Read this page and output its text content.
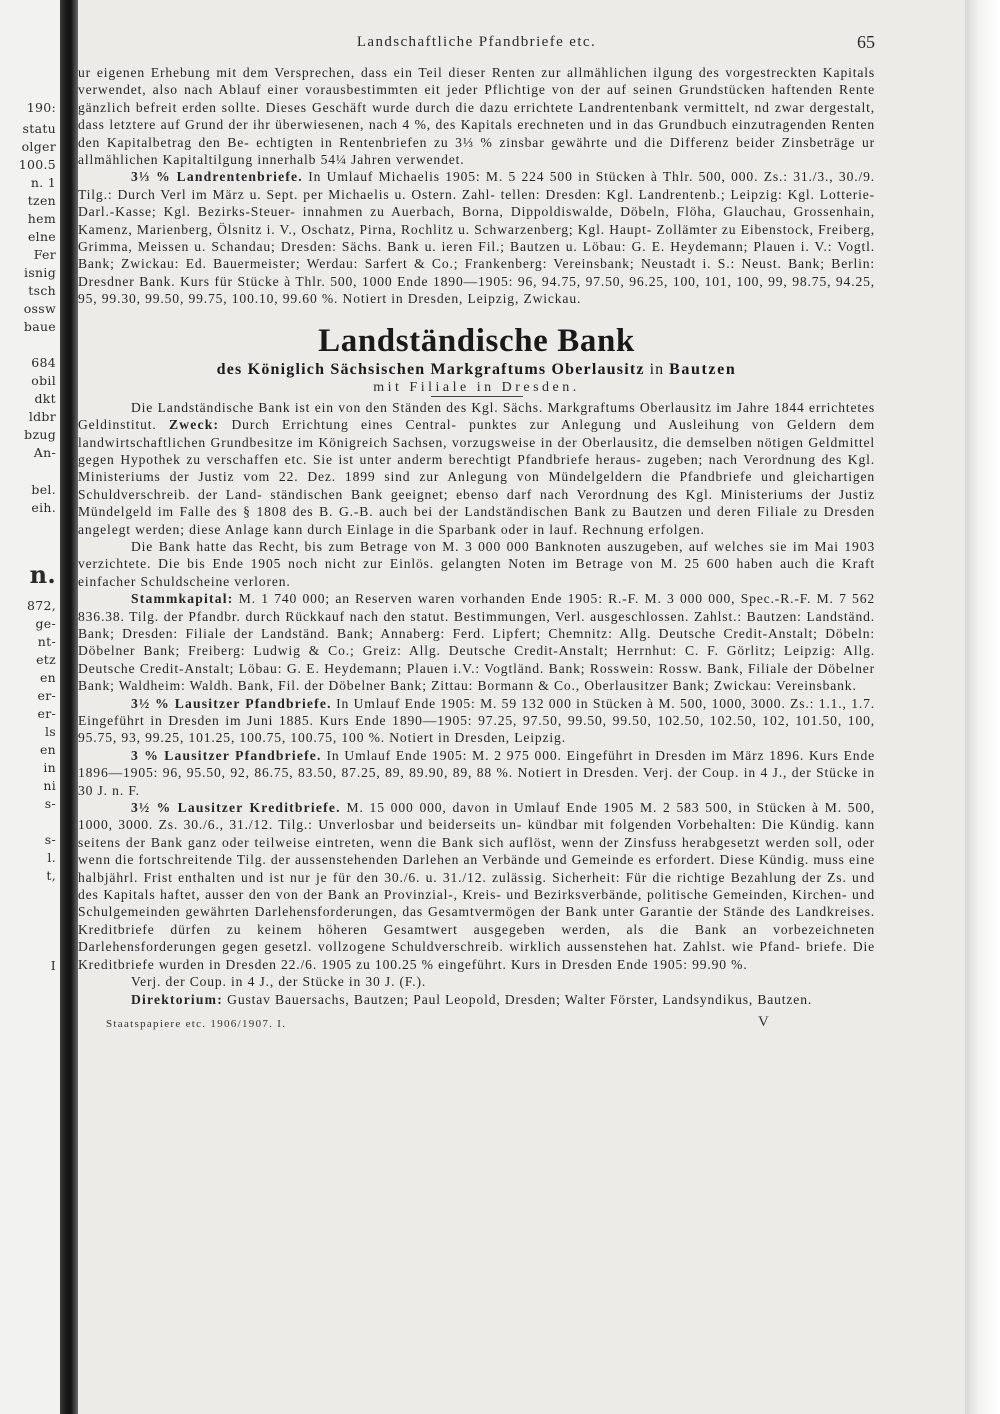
190:
statu
olger
100.5
n. 1
tzen
hem
elne
Fer
isnig
tsch
ossw
baue
684
obil
dkt
ldbr
bzug
An-
bel.
eih.
n.
872,
ge-
nt-
etz
en
er-
er-
ls
en
in
ni
s-
s-
l.
t,
I
Landschaftliche Pfandbriefe etc.	65

ur eigenen Erhebung mit dem Versprechen, dass ein Teil dieser Renten zur allmählichen ilgung des vorgestreckten Kapitals verwendet, also nach Ablauf einer vorausbestimmten eit jeder Pflichtige von der auf seinen Grundstücken haftenden Rente gänzlich befreit erden sollte. Dieses Geschäft wurde durch die dazu errichtete Landrentenbank vermittelt, nd zwar dergestalt, dass letztere auf Grund der ihr überwiesenen, nach 4 %, des Kapitals erechneten und in das Grundbuch einzutragenden Renten den Kapitalbetrag den Be- echtigten in Rentenbriefen zu 3⅓ % zinsbar gewährte und die Differenz beider Zinsbeträge ur allmählichen Kapitaltilgung innerhalb 54¼ Jahren verwendet.

3⅓ % Landrentenbriefe. In Umlauf Michaelis 1905: M. 5 224 500 in Stücken à Thlr. 500, 000. Zs.: 31./3., 30./9. Tilg.: Durch Verl im März u. Sept. per Michaelis u. Ostern. Zahl- tellen: Dresden: Kgl. Landrentenb.; Leipzig: Kgl. Lotterie-Darl.-Kasse; Kgl. Bezirks-Steuer- innahmen zu Auerbach, Borna, Dippoldiswalde, Döbeln, Flöha, Glauchau, Grossenhain, Kamenz, Marienberg, Ölsnitz i. V., Oschatz, Pirna, Rochlitz u. Schwarzenberg; Kgl. Haupt- Zollämter zu Eibenstock, Freiberg, Grimma, Meissen u. Schandau; Dresden: Sächs. Bank u. ieren Fil.; Bautzen u. Löbau: G. E. Heydemann; Plauen i. V.: Vogtl. Bank; Zwickau: Ed. Bauermeister; Werdau: Sarfert & Co.; Frankenberg: Vereinsbank; Neustadt i. S.: Neust. Bank; Berlin: Dresdner Bank. Kurs für Stücke à Thlr. 500, 1000 Ende 1890—1905: 96, 94.75, 97.50, 96.25, 100, 101, 100, 99, 98.75, 94.25, 95, 99.30, 99.50, 99.75, 100.10, 99.60 %. Notiert in Dresden, Leipzig, Zwickau.

Landständische Bank

des Königlich Sächsischen Markgraftums Oberlausitz in Bautzen

mit Filiale in Dresden.

Die Landständische Bank ist ein von den Ständen des Kgl. Sächs. Markgraftums Oberlausitz im Jahre 1844 errichtetes Geldinstitut. Zweck: Durch Errichtung eines Central- punktes zur Anlegung und Ausleihung von Geldern dem landwirtschaftlichen Grundbesitze im Königreich Sachsen, vorzugsweise in der Oberlausitz, die demselben nötigen Geldmittel gegen Hypothek zu verschaffen etc. Sie ist unter anderm berechtigt Pfandbriefe heraus- zugeben; nach Verordnung des Kgl. Ministeriums der Justiz vom 22. Dez. 1899 sind zur Anlegung von Mündelgeldern die Pfandbriefe und gleichartigen Schuldverschreib. der Land- ständischen Bank geeignet; ebenso darf nach Verordnung des Kgl. Ministeriums der Justiz Mündelgeld im Falle des § 1808 des B. G.-B. auch bei der Landständischen Bank zu Bautzen und deren Filiale zu Dresden angelegt werden; diese Anlage kann durch Einlage in die Sparbank oder in lauf. Rechnung erfolgen.

Die Bank hatte das Recht, bis zum Betrage von M. 3 000 000 Banknoten auszugeben, auf welches sie im Mai 1903 verzichtete. Die bis Ende 1905 noch nicht zur Einlös. gelangten Noten im Betrage von M. 25 600 haben auch die Kraft einfacher Schuldscheine verloren.

Stammkapital: M. 1 740 000; an Reserven waren vorhanden Ende 1905: R.-F. M. 3 000 000, Spec.-R.-F. M. 7 562 836.38. Tilg. der Pfandbr. durch Rückkauf nach den statut. Bestimmungen, Verl. ausgeschlossen. Zahlst.: Bautzen: Landständ. Bank; Dresden: Filiale der Landständ. Bank; Annaberg: Ferd. Lipfert; Chemnitz: Allg. Deutsche Credit-Anstalt; Döbeln: Döbelner Bank; Freiberg: Ludwig & Co.; Greiz: Allg. Deutsche Credit-Anstalt; Herrnhut: C. F. Görlitz; Leipzig: Allg. Deutsche Credit-Anstalt; Löbau: G. E. Heydemann; Plauen i.V.: Vogtländ. Bank; Rosswein: Rossw. Bank, Filiale der Döbelner Bank; Waldheim: Waldh. Bank, Fil. der Döbelner Bank; Zittau: Bormann & Co., Oberlausitzer Bank; Zwickau: Vereinsbank.

3½ % Lausitzer Pfandbriefe. In Umlauf Ende 1905: M. 59 132 000 in Stücken à M. 500, 1000, 3000. Zs.: 1.1., 1.7. Eingeführt in Dresden im Juni 1885. Kurs Ende 1890—1905: 97.25, 97.50, 99.50, 99.50, 102.50, 102.50, 102, 101.50, 100, 95.75, 93, 99.25, 101.25, 100.75, 100.75, 100 %. Notiert in Dresden, Leipzig.

3 % Lausitzer Pfandbriefe. In Umlauf Ende 1905: M. 2 975 000. Eingeführt in Dresden im März 1896. Kurs Ende 1896—1905: 96, 95.50, 92, 86.75, 83.50, 87.25, 89, 89.90, 89, 88 %. Notiert in Dresden. Verj. der Coup. in 4 J., der Stücke in 30 J. n. F.

3½ % Lausitzer Kreditbriefe. M. 15 000 000, davon in Umlauf Ende 1905 M. 2 583 500, in Stücken à M. 500, 1000, 3000. Zs. 30./6., 31./12. Tilg.: Unverlosbar und beiderseits un- kündbar mit folgenden Vorbehalten: Die Kündig. kann seitens der Bank ganz oder teilweise eintreten, wenn die Bank sich auflöst, wenn der Zinsfuss herabgesetzt werden soll, oder wenn die fortschreitende Tilg. der aussenstehenden Darlehen an Verbände und Gemeinde es erfordert. Diese Kündig. muss eine halbjährl. Frist enthalten und ist nur je für den 30./6. u. 31./12. zulässig. Sicherheit: Für die richtige Bezahlung der Zs. und des Kapitals haftet, ausser den von der Bank an Provinzial-, Kreis- und Bezirksverbände, politische Gemeinden, Kirchen- und Schulgemeinden gewährten Darlehensforderungen, das Gesamtvermögen der Bank unter Garantie der Stände des Landkreises. Kreditbriefe dürfen zu keinem höheren Gesamtwert ausgegeben werden, als die Bank an vorbezeichneten Darlehensforderungen gegen gesetzl. vollzogene Schuldverschreib. wirklich aussenstehen hat. Zahlst. wie Pfand- briefe. Die Kreditbriefe wurden in Dresden 22./6. 1905 zu 100.25 % eingeführt. Kurs in Dresden Ende 1905: 99.90 %.

Verj. der Coup. in 4 J., der Stücke in 30 J. (F.).

Direktorium: Gustav Bauersachs, Bautzen; Paul Leopold, Dresden; Walter Förster, Landsyndikus, Bautzen.

Staatspapiere etc. 1906/1907. I.	V
